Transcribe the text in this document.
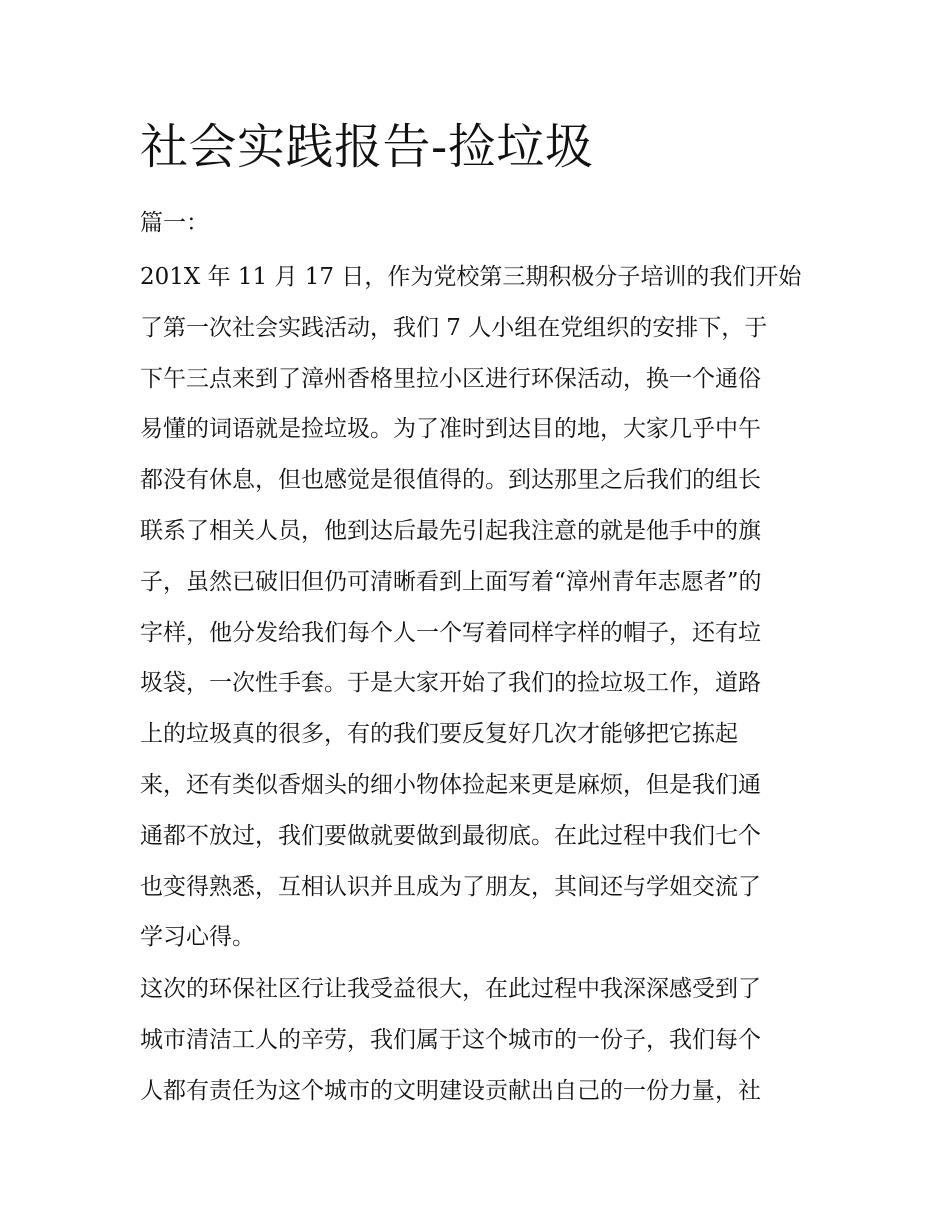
社会实践报告-捡垃圾
篇一：
201X 年 11 月 17 日，作为党校第三期积极分子培训的我们开始
了第一次社会实践活动，我们 7 人小组在党组织的安排下，于
下午三点来到了漳州香格里拉小区进行环保活动，换一个通俗
易懂的词语就是捡垃圾。为了准时到达目的地，大家几乎中午
都没有休息，但也感觉是很值得的。到达那里之后我们的组长
联系了相关人员，他到达后最先引起我注意的就是他手中的旗
子，虽然已破旧但仍可清晰看到上面写着“漳州青年志愿者”的
字样，他分发给我们每个人一个写着同样字样的帽子，还有垃
圾袋，一次性手套。于是大家开始了我们的捡垃圾工作，道路
上的垃圾真的很多，有的我们要反复好几次才能够把它拣起
来，还有类似香烟头的细小物体捡起来更是麻烦，但是我们通
通都不放过，我们要做就要做到最彻底。在此过程中我们七个
也变得熟悉，互相认识并且成为了朋友，其间还与学姐交流了
学习心得。
这次的环保社区行让我受益很大，在此过程中我深深感受到了
城市清洁工人的辛劳，我们属于这个城市的一份子，我们每个
人都有责任为这个城市的文明建设贡献出自己的一份力量，社
